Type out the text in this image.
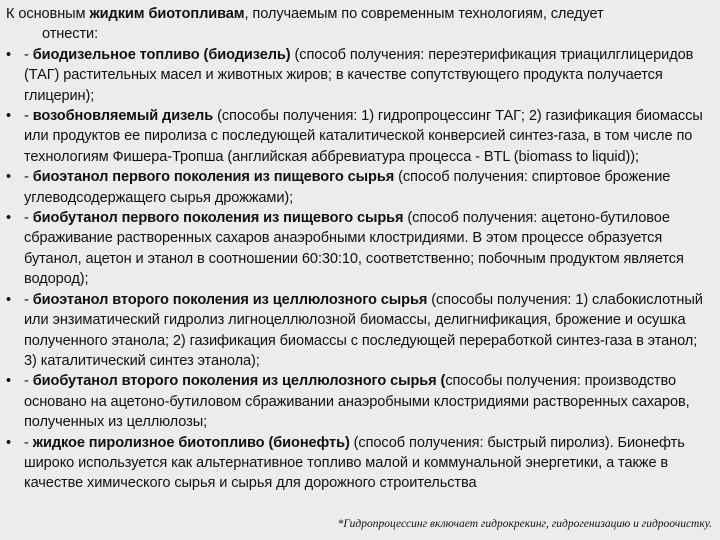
К основным жидким биотопливам, получаемым по современным технологиям, следует
отнести:
• - биодизельное топливо (биодизель) (способ получения: переэтерификация триацилглицеридов (ТАГ) растительных масел и животных жиров; в качестве сопутствующего продукта получается глицерин);
• - возобновляемый дизель (способы получения: 1) гидропроцессинг ТАГ; 2) газификация биомассы или продуктов ее пиролиза с последующей каталитической конверсией синтез-газа, в том числе по технологиям Фишера-Тропша (английская аббревиатура процесса - BTL (biomass to liquid));
• - биоэтанол первого поколения из пищевого сырья (способ получения: спиртовое брожение углеводсодержащего сырья дрожжами);
• - биобутанол первого поколения из пищевого сырья (способ получения: ацетоно-бутиловое сбраживание растворенных сахаров анаэробными клостридиями. В этом процессе образуется бутанол, ацетон и этанол в соотношении 60:30:10, соответственно; побочным продуктом является водород);
• - биоэтанол второго поколения из целлюлозного сырья (способы получения: 1) слабокислотный или энзиматический гидролиз лигноцеллюлозной биомассы, делигнификация, брожение и осушка полученного этанола; 2) газификация биомассы с последующей переработкой синтез-газа в этанол; 3) каталитический синтез этанола);
• - биобутанол второго поколения из целлюлозного сырья (способы получения: производство основано на ацетоно-бутиловом сбраживании анаэробными клостридиями растворенных сахаров, полученных из целлюлозы;
• - жидкое пиролизное биотопливо (бионефть) (способ получения: быстрый пиролиз). Бионефть широко используется как альтернативное топливо малой и коммунальной энергетики, а также в качестве химического сырья и сырья для дорожного строительства
*Гидропроцессинг включает гидрокрекинг, гидрогенизацию и гидроочистку.
